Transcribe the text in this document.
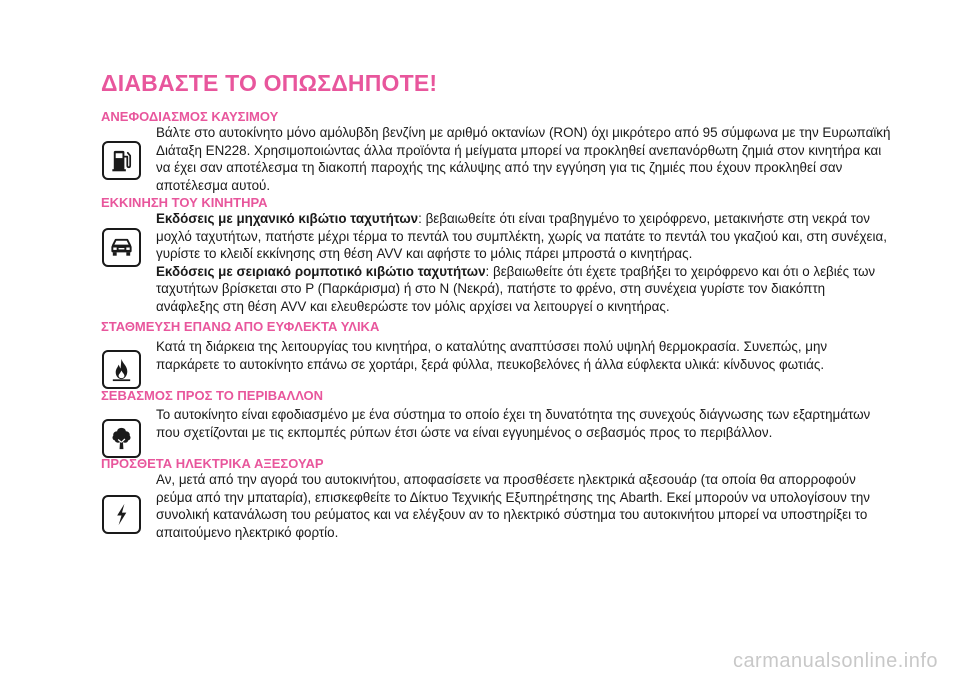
ΔΙΑΒΑΣΤΕ ΤΟ ΟΠΩΣΔΗΠΟΤΕ!
ΑΝΕΦΟΔΙΑΣΜΟΣ ΚΑΥΣΙΜΟΥ

Βάλτε στο αυτοκίνητο μόνο αμόλυβδη βενζίνη με αριθμό οκτανίων (RON) όχι μικρότερο από 95 σύμφωνα με την Ευρωπαϊκή Διάταξη EN228. Χρησιμοποιώντας άλλα προϊόντα ή μείγματα μπορεί να προκληθεί ανεπανόρθωτη ζημιά στον κινητήρα και να έχει σαν αποτέλεσμα τη διακοπή παροχής της κάλυψης από την εγγύηση για τις ζημιές που έχουν προκληθεί σαν αποτέλεσμα αυτού.

ΕΚΚΙΝΗΣΗ ΤΟΥ ΚΙΝΗΤΗΡΑ

Εκδόσεις με μηχανικό κιβώτιο ταχυτήτων: βεβαιωθείτε ότι είναι τραβηγμένο το χειρόφρενο, μετακινήστε στη νεκρά τον μοχλό ταχυτήτων, πατήστε μέχρι τέρμα το πεντάλ του συμπλέκτη, χωρίς να πατάτε το πεντάλ του γκαζιού και, στη συνέχεια, γυρίστε το κλειδί εκκίνησης στη θέση AVV και αφήστε το μόλις πάρει μπροστά ο κινητήρας.

Εκδόσεις με σειριακό ρομποτικό κιβώτιο ταχυτήτων: βεβαιωθείτε ότι έχετε τραβήξει το χειρόφρενο και ότι ο λεβιές των ταχυτήτων βρίσκεται στο P (Παρκάρισμα) ή στο N (Νεκρά), πατήστε το φρένο, στη συνέχεια γυρίστε τον διακόπτη ανάφλεξης στη θέση AVV και ελευθερώστε τον μόλις αρχίσει να λειτουργεί ο κινητήρας.

ΣΤΑΘΜΕΥΣΗ ΕΠΑΝΩ ΑΠΟ ΕΥΦΛΕΚΤΑ ΥΛΙΚΑ

Κατά τη διάρκεια της λειτουργίας του κινητήρα, ο καταλύτης αναπτύσσει πολύ υψηλή θερμοκρασία. Συνεπώς, μην παρκάρετε το αυτοκίνητο επάνω σε χορτάρι, ξερά φύλλα, πευκοβελόνες ή άλλα εύφλεκτα υλικά: κίνδυνος φωτιάς.

ΣΕΒΑΣΜΟΣ ΠΡΟΣ ΤΟ ΠΕΡΙΒΑΛΛΟΝ

Το αυτοκίνητο είναι εφοδιασμένο με ένα σύστημα το οποίο έχει τη δυνατότητα της συνεχούς διάγνωσης των εξαρτημάτων που σχετίζονται με τις εκπομπές ρύπων έτσι ώστε να είναι εγγυημένος ο σεβασμός προς το περιβάλλον.

ΠΡΟΣΘΕΤΑ ΗΛΕΚΤΡΙΚΑ ΑΞΕΣΟΥΑΡ

Αν, μετά από την αγορά του αυτοκινήτου, αποφασίσετε να προσθέσετε ηλεκτρικά αξεσουάρ (τα οποία θα απορροφούν ρεύμα από την μπαταρία), επισκεφθείτε το Δίκτυο Τεχνικής Εξυπηρέτησης της Abarth. Εκεί μπορούν να υπολογίσουν την συνολική κατανάλωση του ρεύματος και να ελέγξουν αν το ηλεκτρικό σύστημα του αυτοκινήτου μπορεί να υποστηρίξει το απαιτούμενο ηλεκτρικό φορτίο.

carmanualsonline.info
